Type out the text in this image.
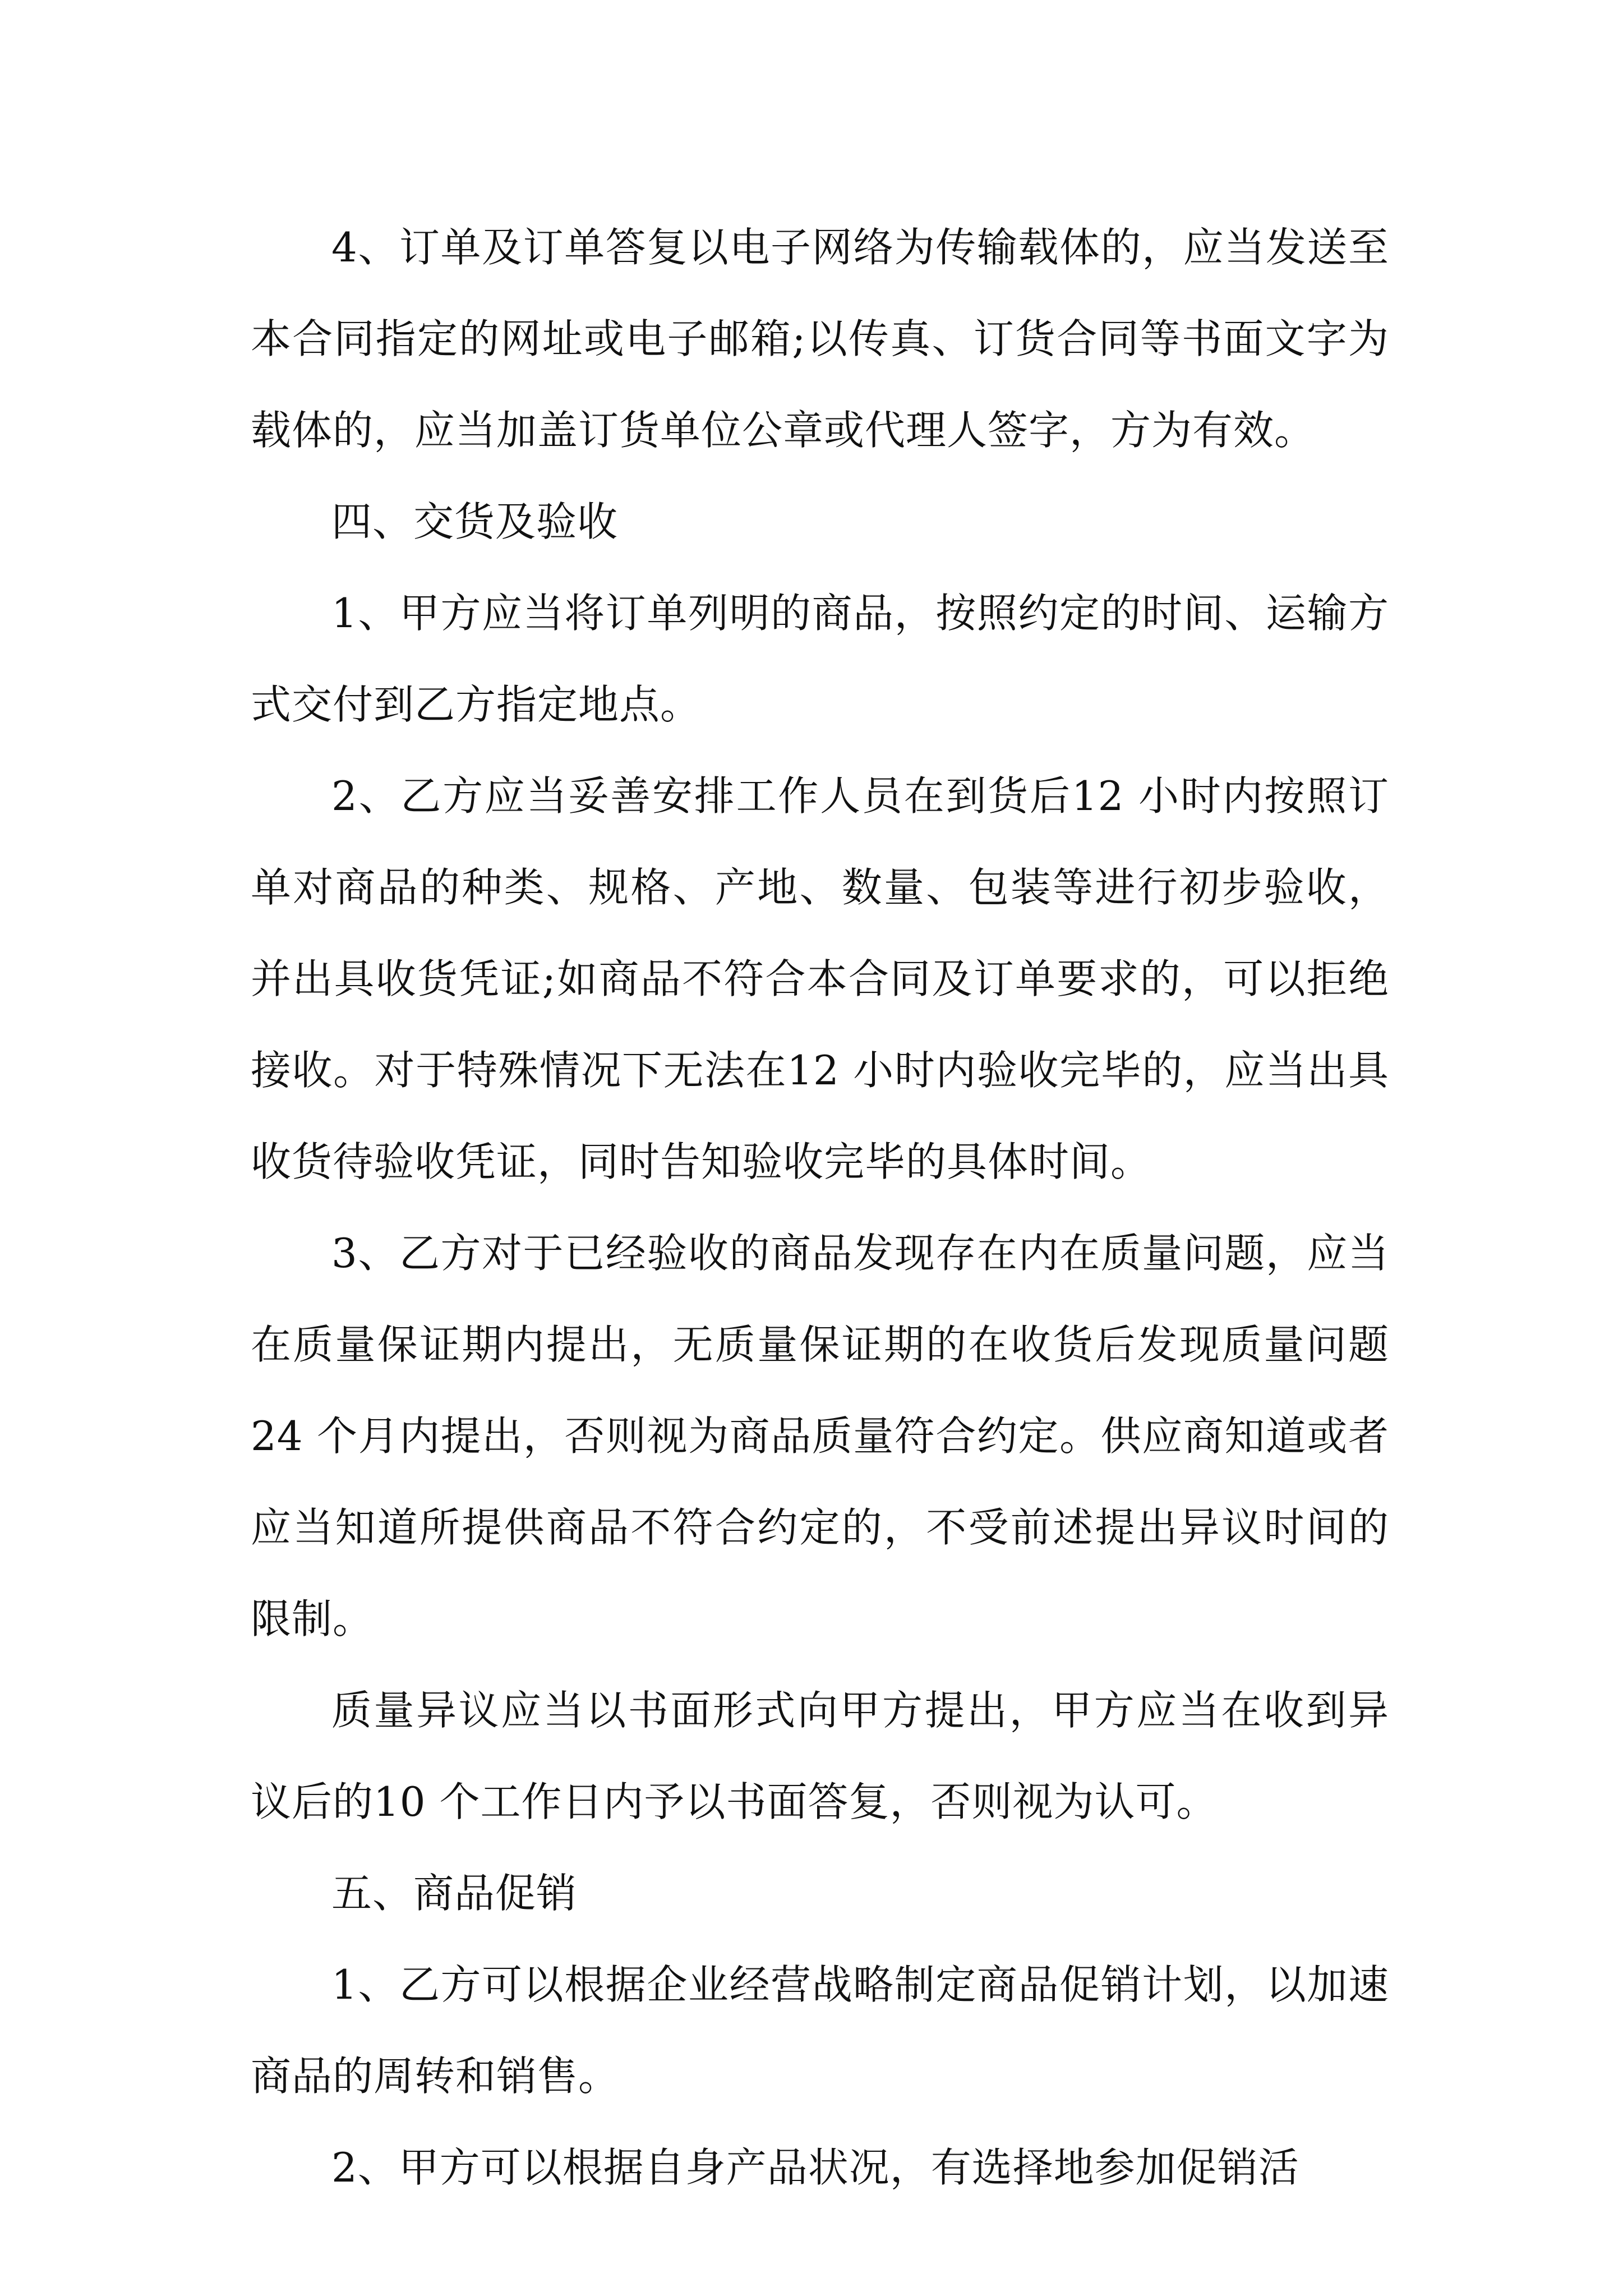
4、订单及订单答复以电子网络为传输载体的，应当发送至本合同指定的网址或电子邮箱;以传真、订货合同等书面文字为载体的，应当加盖订货单位公章或代理人签字，方为有效。

四、交货及验收

1、甲方应当将订单列明的商品，按照约定的时间、运输方式交付到乙方指定地点。

2、乙方应当妥善安排工作人员在到货后12 小时内按照订单对商品的种类、规格、产地、数量、包装等进行初步验收，并出具收货凭证;如商品不符合本合同及订单要求的，可以拒绝接收。对于特殊情况下无法在12 小时内验收完毕的，应当出具收货待验收凭证，同时告知验收完毕的具体时间。

3、乙方对于已经验收的商品发现存在内在质量问题，应当在质量保证期内提出，无质量保证期的在收货后发现质量问题24 个月内提出，否则视为商品质量符合约定。供应商知道或者应当知道所提供商品不符合约定的，不受前述提出异议时间的限制。

质量异议应当以书面形式向甲方提出，甲方应当在收到异议后的10 个工作日内予以书面答复，否则视为认可。

五、商品促销

1、乙方可以根据企业经营战略制定商品促销计划，以加速商品的周转和销售。

2、甲方可以根据自身产品状况，有选择地参加促销活
